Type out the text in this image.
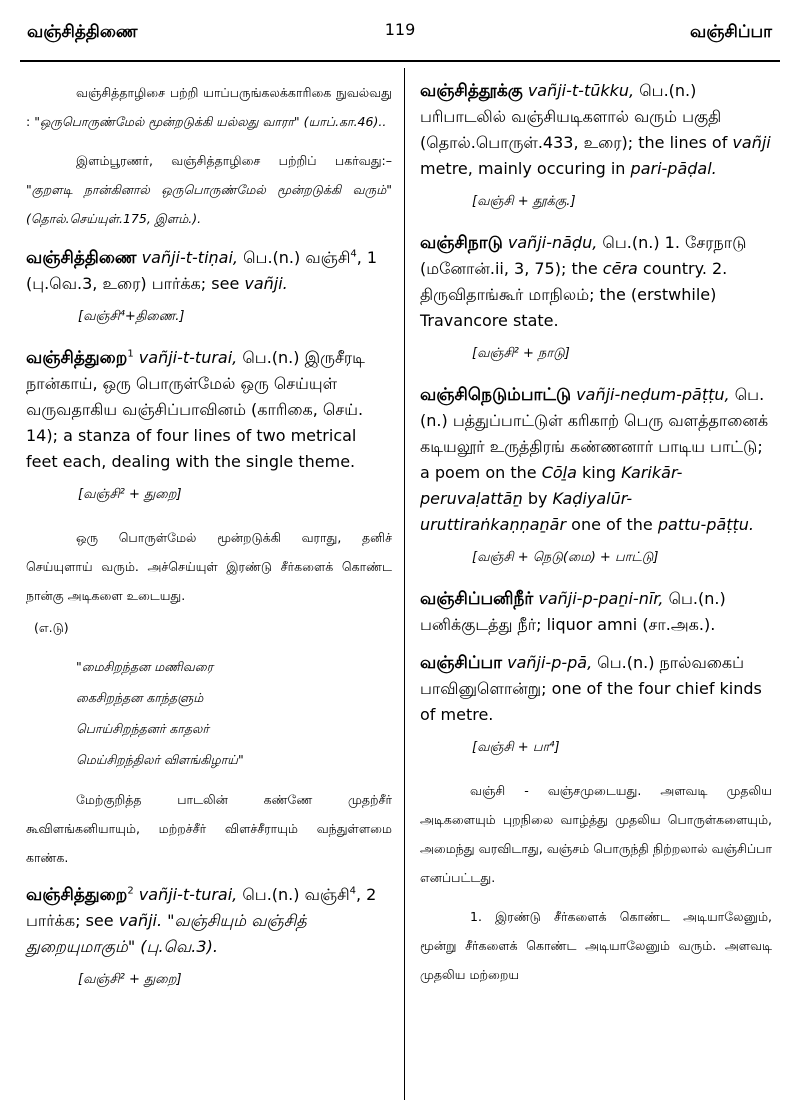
வஞ்சித்திணை	119	வஞ்சிப்பா

வஞ்சித்தாழிசை பற்றி யாப்பருங்கலக்காரிகை நுவல்வது : "ஒருபொருண்மேல் மூன்றடுக்கி யல்லது வாரா" (யாப்.கா.46)..

இளம்பூரணர், வஞ்சித்தாழிசை பற்றிப் பகர்வது:– "குறளடி நான்கினால் ஒருபொருண்மேல் மூன்றடுக்கி வரும்" (தொல்.செய்யுள்.175, இளம்.).

வஞ்சித்திணை vañji-t-tiṇai, பெ.(n.) வஞ்சி$^4$, 1 (பு.வெ.3, உரை) பார்க்க; see vañji.
[வஞ்சி⁴+திணை.]
வஞ்சித்துறை$^1$ vañji-t-turai, பெ.(n.) இருசீரடி நான்காய், ஒரு பொருள்மேல் ஒரு செய்யுள் வருவதாகிய வஞ்சிப்பாவினம் (காரிகை, செய். 14); a stanza of four lines of two metrical feet each, dealing with the single theme.
[வஞ்சி² + துறை]

ஒரு பொருள்மேல் மூன்றடுக்கி வராது, தனிச் செய்யுளாய் வரும். அச்செய்யுள் இரண்டு சீர்களைக் கொண்ட நான்கு அடிகளை உடையது.

(எ.டு)
"மைசிறந்தன மணிவரை
கைசிறந்தன காந்தளும்
பொய்சிறந்தனர் காதலர்
மெய்சிறந்திலர் விளங்கிழாய்"

மேற்குறித்த பாடலின் கண்ணே முதற்சீர் கூவிளங்கனியாயும், மற்றச்சீர் விளச்சீராயும் வந்துள்ளமை காண்க.

வஞ்சித்துறை$^2$ vañji-t-turai, பெ.(n.) வஞ்சி$^4$, 2 பார்க்க; see vañji. "வஞ்சியும் வஞ்சித் துறையுமாகும்" (பு.வெ.3).
[வஞ்சி² + துறை]
வஞ்சித்தூக்கு vañji-t-tūkku, பெ.(n.) பரிபாடலில் வஞ்சியடிகளால் வரும் பகுதி (தொல்.பொருள்.433, உரை); the lines of vañji metre, mainly occuring in pari-pāḍal.
[வஞ்சி + தூக்கு.]
வஞ்சிநாடு vañji-nāḍu, பெ.(n.) 1. சேரநாடு (மனோன்.ii, 3, 75); the cēra country. 2. திருவிதாங்கூர் மாநிலம்; the (erstwhile) Travancore state.
[வஞ்சி² + நாடு]
வஞ்சிநெடும்பாட்டு vañji-neḍum-pāṭṭu, பெ.(n.) பத்துப்பாட்டுள் கரிகாற் பெரு வளத்தானைக் கடியலூர் உருத்திரங் கண்ணனார் பாடிய பாட்டு; a poem on the Cōḻa king Karikār-peruvaḷattāṉ by Kaḍiyalūr-uruttiraṅkaṇṇaṉār one of the pattu-pāṭṭu.
[வஞ்சி + நெடு(மை) + பாட்டு]
வஞ்சிப்பனிநீர் vañji-p-paṉi-nīr, பெ.(n.) பனிக்குடத்து நீர்; liquor amni (சா.அக.).
வஞ்சிப்பா vañji-p-pā, பெ.(n.) நால்வகைப் பாவினுளொன்று; one of the four chief kinds of metre.
[வஞ்சி + பா⁴]

வஞ்சி - வஞ்சமுடையது. அளவடி முதலிய அடிகளையும் புறநிலை வாழ்த்து முதலிய பொருள்களையும், அமைந்து வரவிடாது, வஞ்சம் பொருந்தி நிற்றலால் வஞ்சிப்பா எனப்பட்டது.

1. இரண்டு சீர்களைக் கொண்ட அடியாலேனும், மூன்று சீர்களைக் கொண்ட அடியாலேனும் வரும். அளவடி முதலிய மற்றைய
